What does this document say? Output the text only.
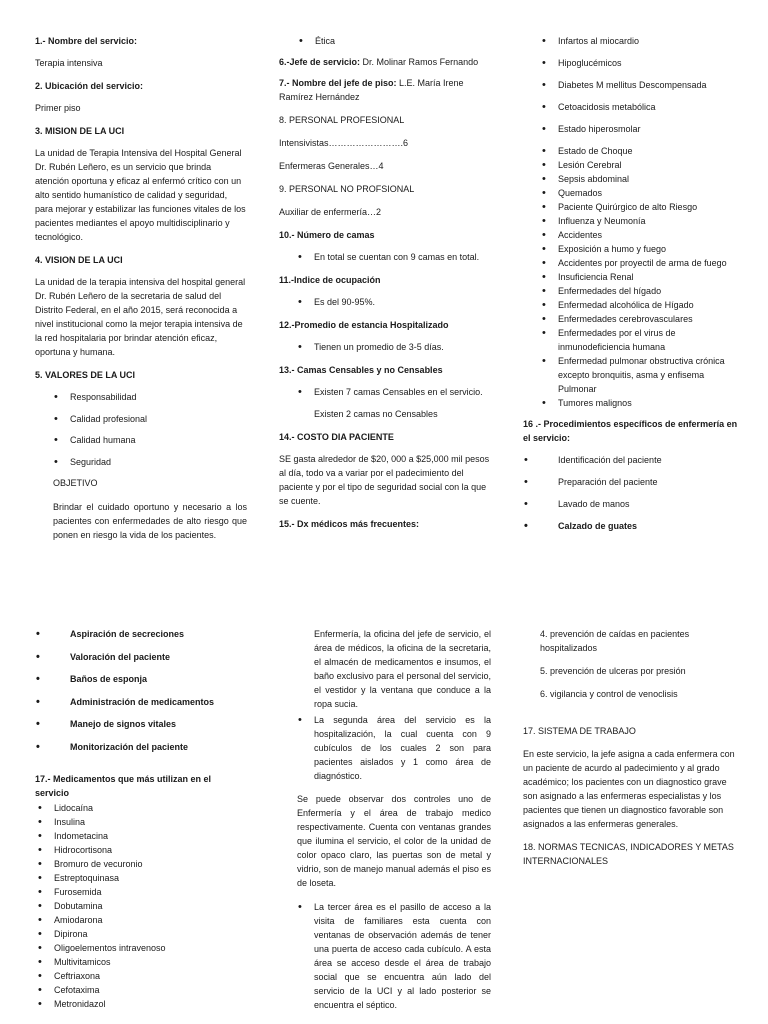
1.- Nombre del servicio:

Terapia intensiva

2. Ubicación del servicio:

Primer piso

3. MISION DE LA UCI

La unidad de Terapia Intensiva del Hospital General Dr. Rubén Leñero, es un servicio que brinda atención oportuna y eficaz al enfermó crítico con un alto sentido humanístico de calidad y seguridad, para mejorar y estabilizar las funciones vitales de los pacientes mediantes el apoyo multidisciplinario y tecnológico.

4. VISION DE LA UCI

La unidad de la terapia intensiva del hospital general Dr. Rubén Leñero de la secretaria de salud del Distrito Federal, en el año 2015, será reconocida a nivel institucional como la mejor terapia intensiva de la red hospitalaria por brindar atención eficaz, oportuna y humana.

5. VALORES DE LA UCI

• Responsabilidad
• Calidad profesional
• Calidad humana
• Seguridad

OBJETIVO

Brindar el cuidado oportuno y necesario a los pacientes con enfermedades de alto riesgo que ponen en riesgo la vida de los pacientes.

• Ética

6.-Jefe de servicio: Dr. Molinar Ramos Fernando

7.- Nombre del jefe de piso: L.E. María Irene Ramírez Hernández

8. PERSONAL PROFESIONAL

Intensivistas…………………….6

Enfermeras Generales…4

9. PERSONAL NO PROFSIONAL

Auxiliar de enfermería…2

10.- Número de camas

• En total se cuentan con 9 camas en total.

11.-Indice de ocupación

• Es del 90-95%.

12.-Promedio de estancia Hospitalizado

• Tienen un promedio de 3-5 días.

13.- Camas Censables y no Censables

• Existen 7 camas Censables en el servicio.

Existen 2 camas no Censables

14.- COSTO DIA PACIENTE

SE gasta alrededor de $20, 000 a $25,000 mil pesos al día, todo va a variar por el padecimiento del paciente y por el tipo de seguridad social con la que se cuente.

15.- Dx médicos más frecuentes:

• Infartos al miocardio
• Hipoglucémicos
• Diabetes M mellitus Descompensada
• Cetoacidosis metabólica
• Estado hiperosmolar
• Estado de Choque
• Lesión Cerebral
• Sepsis abdominal
• Quemados
• Paciente Quirúrgico de alto Riesgo
• Influenza y Neumonía
• Accidentes
• Exposición a humo y fuego
• Accidentes por proyectil de arma de fuego
• Insuficiencia Renal
• Enfermedades del hígado
• Enfermedad alcohólica de Hígado
• Enfermedades cerebrovasculares
• Enfermedades por el virus de inmunodeficiencia humana
• Enfermedad pulmonar obstructiva crónica excepto bronquitis, asma y enfisema Pulmonar
• Tumores malignos

16 .- Procedimientos específicos de enfermería en el servicio:

• Identificación del paciente
• Preparación del paciente
• Lavado de manos
• Calzado de guates
• Aspiración de secreciones
• Valoración del paciente
• Baños de esponja
• Administración de medicamentos
• Manejo de signos vitales
• Monitorización del paciente

17.- Medicamentos que más utilizan en el servicio

• Lidocaína
• Insulina
• Indometacina
• Hidrocortisona
• Bromuro de vecuronio
• Estreptoquinasa
• Furosemida
• Dobutamina
• Amiodarona
• Dipirona
• Oligoelementos intravenoso
• Multivitamicos
• Ceftriaxona
• Cefotaxima
• Metronidazol

Enfermería, la oficina del jefe de servicio, el área de médicos, la oficina de la secretaria, el almacén de medicamentos e insumos, el baño exclusivo para el personal del servicio, el vestidor y la ventana que conduce a la ropa sucia.

• La segunda área del servicio es la hospitalización, la cual cuenta con 9 cubículos de los cuales 2 son para pacientes aislados y 1 como área de diagnóstico.

Se puede observar dos controles uno de Enfermería y el área de trabajo medico respectivamente. Cuenta con ventanas grandes que ilumina el servicio, el color de la unidad de color opaco claro, las puertas son de metal y vidrio, son de manejo manual además el piso es de loseta.

• La tercer área es el pasillo de acceso a la visita de familiares esta cuenta con ventanas de observación además de tener una puerta de acceso cada cubículo. A esta área se acceso desde el área de trabajo social que se encuentra aún lado del servicio de la UCI y al lado posterior se encuentra el séptico.

4. prevención de caídas en pacientes hospitalizados

5. prevención de ulceras por presión

6. vigilancia y control de venoclisis

17. SISTEMA DE TRABAJO

En este servicio, la jefe asigna a cada enfermera con un paciente de acurdo al padecimiento y al grado académico; los pacientes con un diagnostico grave son asignado a las enfermeras especialistas y los pacientes que tienen un diagnostico favorable son asignados a las enfermeras generales.

18. NORMAS TECNICAS, INDICADORES Y METAS INTERNACIONALES
